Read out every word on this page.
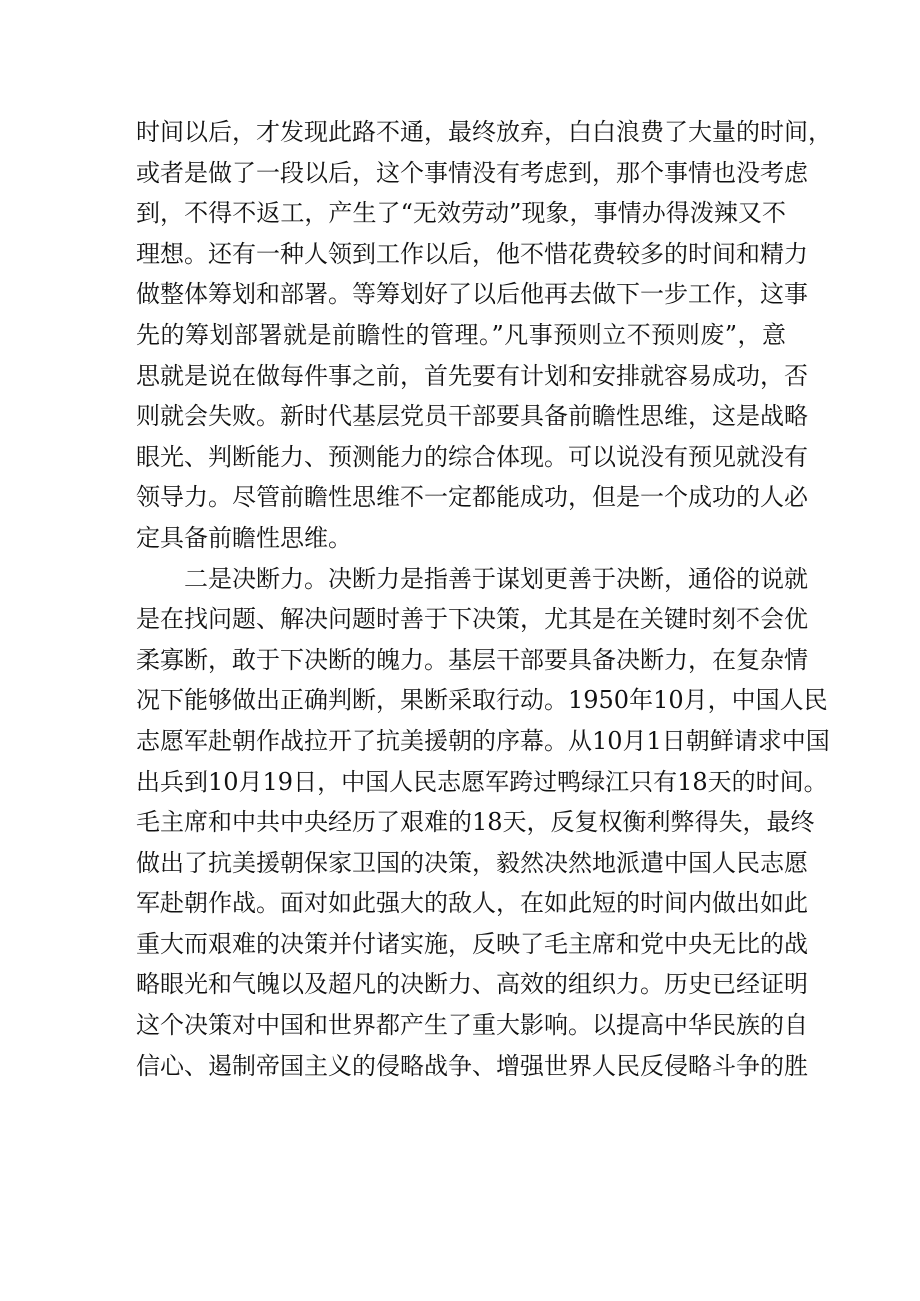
时间以后，才发现此路不通，最终放弃，白白浪费了大量的时间，
或者是做了一段以后，这个事情没有考虑到，那个事情也没考虑
到，不得不返工，产生了“无效劳动”现象，事情办得泼辣又不
理想。还有一种人领到工作以后，他不惜花费较多的时间和精力
做整体筹划和部署。等筹划好了以后他再去做下一步工作，这事
先的筹划部署就是前瞻性的管理。”凡事预则立不预则废”，意
思就是说在做每件事之前，首先要有计划和安排就容易成功，否
则就会失败。新时代基层党员干部要具备前瞻性思维，这是战略
眼光、判断能力、预测能力的综合体现。可以说没有预见就没有
领导力。尽管前瞻性思维不一定都能成功，但是一个成功的人必
定具备前瞻性思维。
二是决断力。决断力是指善于谋划更善于决断，通俗的说就
是在找问题、解决问题时善于下决策，尤其是在关键时刻不会优
柔寡断，敢于下决断的魄力。基层干部要具备决断力，在复杂情
况下能够做出正确判断，果断采取行动。1950年10月，中国人民
志愿军赴朝作战拉开了抗美援朝的序幕。从10月1日朝鲜请求中国
出兵到10月19日，中国人民志愿军跨过鸭绿江只有18天的时间。
毛主席和中共中央经历了艰难的18天，反复权衡利弊得失，最终
做出了抗美援朝保家卫国的决策，毅然决然地派遣中国人民志愿
军赴朝作战。面对如此强大的敌人，在如此短的时间内做出如此
重大而艰难的决策并付诸实施，反映了毛主席和党中央无比的战
略眼光和气魄以及超凡的决断力、高效的组织力。历史已经证明
这个决策对中国和世界都产生了重大影响。以提高中华民族的自
信心、遏制帝国主义的侵略战争、增强世界人民反侵略斗争的胜
